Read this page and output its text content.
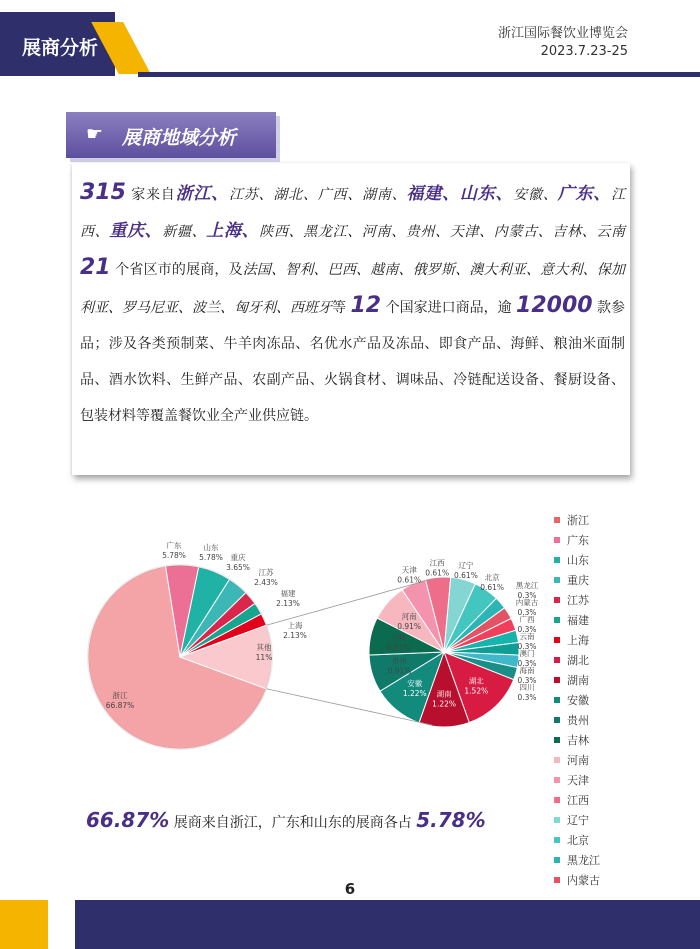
展商分析
浙江国际餐饮业博览会
2023.7.23-25
☛ 展商地域分析

315 家来自浙江、江苏、湖北、广西、湖南、福建、山东、安徽、广东、江西、重庆、新疆、上海、陕西、黑龙江、河南、贵州、天津、内蒙古、吉林、云南 21 个省区市的展商，及法国、智利、巴西、越南、俄罗斯、澳大利亚、意大利、保加利亚、罗马尼亚、波兰、匈牙利、西班牙等 12 个国家进口商品，逾 12000 款参品；涉及各类预制菜、牛羊肉冻品、名优水产品及冻品、即食产品、海鲜、粮油米面制品、酒水饮料、生鲜产品、农副产品、火锅食材、调味品、冷链配送设备、餐厨设备、包装材料等覆盖餐饮业全产业供应链。

浙江
66.87%
广东
5.78%
山东
5.78% 重庆
3.65%
江苏
2.43%
福建
2.13%
上海
2.13%
其他
11%
湖北
1.52%
湖南
1.22%
安徽
1.22%
贵州
0.91%
吉林
0.91%
河南
0.91%
天津
0.61%
江西
0.61%
辽宁
0.61% 北京
0.61% 黑龙江
0.3%
内蒙古
0.3%
广西
0.3%
云南
0.3%
澳门
0.3%
海南
0.3%
四川
0.3%
浙江
广东
山东
重庆
江苏
福建
上海
湖北
湖南
安徽
贵州
吉林
河南
天津
江西
辽宁
北京
黑龙江
内蒙古
66.87% 展商来自浙江，广东和山东的展商各占 5.78%
6
